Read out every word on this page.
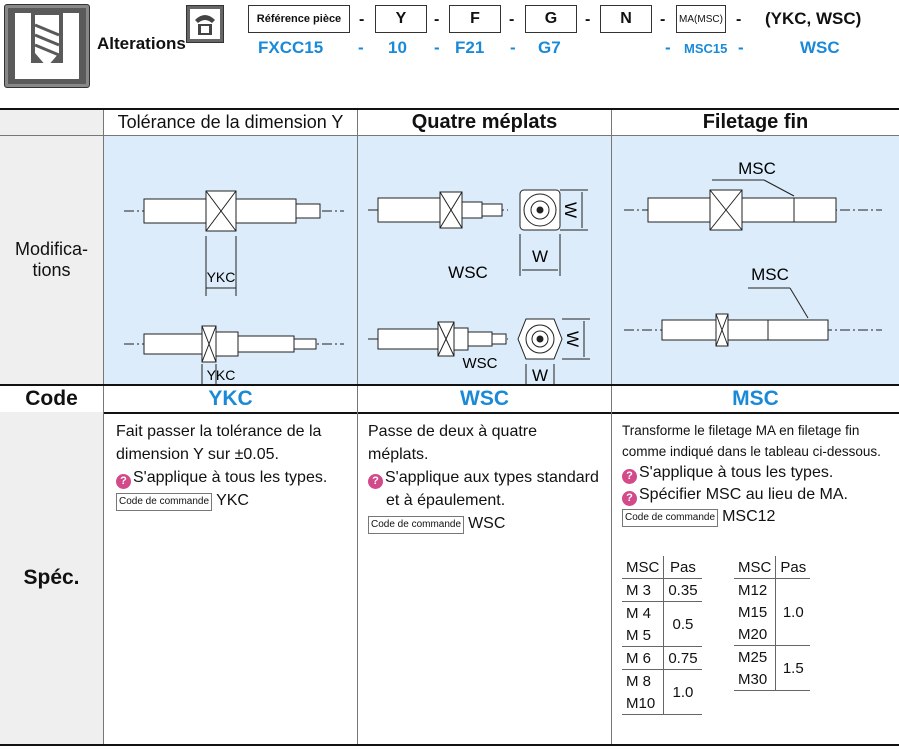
Alterations
Référence pièce	-	Y	-	F	-	G	-	N	-	MA(MSC) - (YKC, WSC)
FXCC15 - 10 - F21 - G7	- MSC15 -	WSC
Tolérance de la dimension Y	Quatre méplats	Filetage fin
Modifica-
tions	YKC
YKC
WSC
WSC
W
W
W
W
MSC
MSC
Code	YKC	WSC	MSC
Spéc.
Fait passer la tolérance de la
dimension Y sur ±0.05.
? S'applique à tous les types.
Code de commande YKC
Passe de deux à quatre
méplats.
? S'applique aux types standard
et à épaulement.
Code de commande WSC
Transforme le filetage MA en filetage fin
comme indiqué dans le tableau ci-dessous.
? S'applique à tous les types.
? Spécifier MSC au lieu de MA.
Code de commande MSC12
MSC	Pas
M 3	0.35
M 4	0.5
M 5	
M 6	0.75
M 8	1.0
M10	
MSC	Pas
M12	1.0
M15	
M20	
M25	1.5
M30	
